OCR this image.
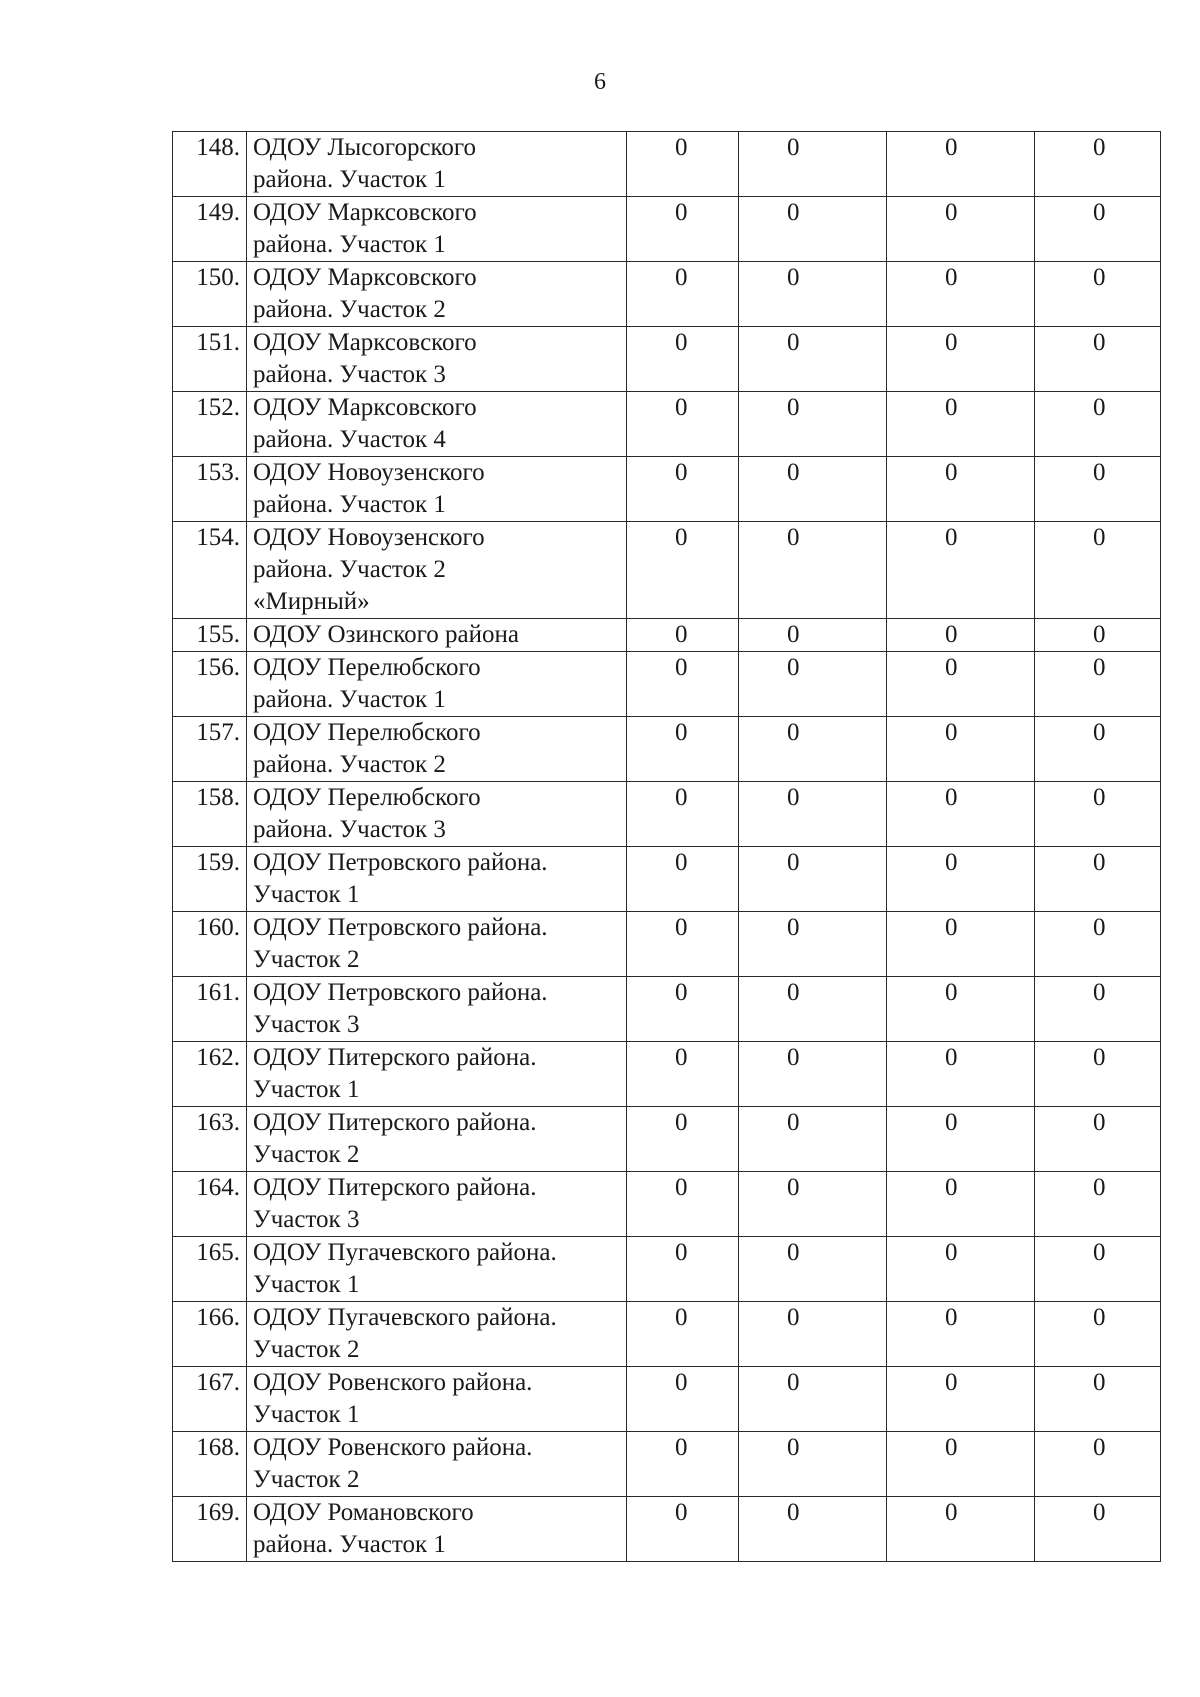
6
148.	ОДОУ Лысогорского
района. Участок 1	0	0	0	0
149.	ОДОУ Марксовского
района. Участок 1	0	0	0	0
150.	ОДОУ Марксовского
района. Участок 2	0	0	0	0
151.	ОДОУ Марксовского
района. Участок 3	0	0	0	0
152.	ОДОУ Марксовского
района. Участок 4	0	0	0	0
153.	ОДОУ Новоузенского
района. Участок 1	0	0	0	0
154.	ОДОУ Новоузенского
района. Участок 2
«Мирный»	0	0	0	0
155.	ОДОУ Озинского района	0	0	0	0
156.	ОДОУ Перелюбского
района. Участок 1	0	0	0	0
157.	ОДОУ Перелюбского
района. Участок 2	0	0	0	0
158.	ОДОУ Перелюбского
района. Участок 3	0	0	0	0
159.	ОДОУ Петровского района.
Участок 1	0	0	0	0
160.	ОДОУ Петровского района.
Участок 2	0	0	0	0
161.	ОДОУ Петровского района.
Участок 3	0	0	0	0
162.	ОДОУ Питерского района.
Участок 1	0	0	0	0
163.	ОДОУ Питерского района.
Участок 2	0	0	0	0
164.	ОДОУ Питерского района.
Участок 3	0	0	0	0
165.	ОДОУ Пугачевского района.
Участок 1	0	0	0	0
166.	ОДОУ Пугачевского района.
Участок 2	0	0	0	0
167.	ОДОУ Ровенского района.
Участок 1	0	0	0	0
168.	ОДОУ Ровенского района.
Участок 2	0	0	0	0
169.	ОДОУ Романовского
района. Участок 1	0	0	0	0
